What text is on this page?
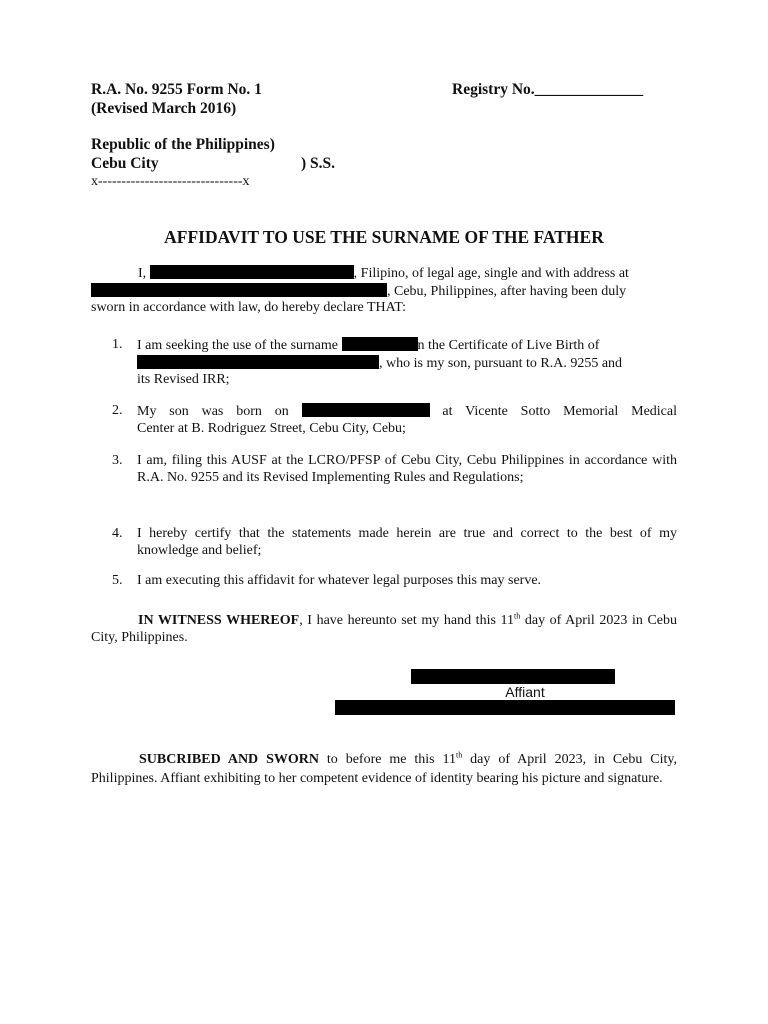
R.A. No. 9255 Form No. 1
(Revised March 2016)
Registry No.______________
Republic of the Philippines)
Cebu City	) S.S.
x-------------------------------x
AFFIDAVIT TO USE THE SURNAME OF THE FATHER
I,	, Filipino, of legal age, single and with address at
, Cebu, Philippines, after having been duly
sworn in accordance with law, do hereby declare THAT:
1. I am seeking the use of the surname	n the Certificate of Live Birth of
, who is my son, pursuant to R.A. 9255 and
its Revised IRR;
2. My son was born on	at Vicente Sotto Memorial Medical
Center at B. Rodriguez Street, Cebu City, Cebu;
3. I am, filing this AUSF at the LCRO/PFSP of Cebu City, Cebu Philippines in accordance with R.A. No. 9255 and its Revised Implementing Rules and Regulations;
4. I hereby certify that the statements made herein are true and correct to the best of my knowledge and belief;
5. I am executing this affidavit for whatever legal purposes this may serve.
IN WITNESS WHEREOF, I have hereunto set my hand this 11th day of April 2023 in Cebu City, Philippines.
Affiant
SUBCRIBED AND SWORN to before me this 11th day of April 2023, in Cebu City, Philippines. Affiant exhibiting to her competent evidence of identity bearing his picture and signature.
